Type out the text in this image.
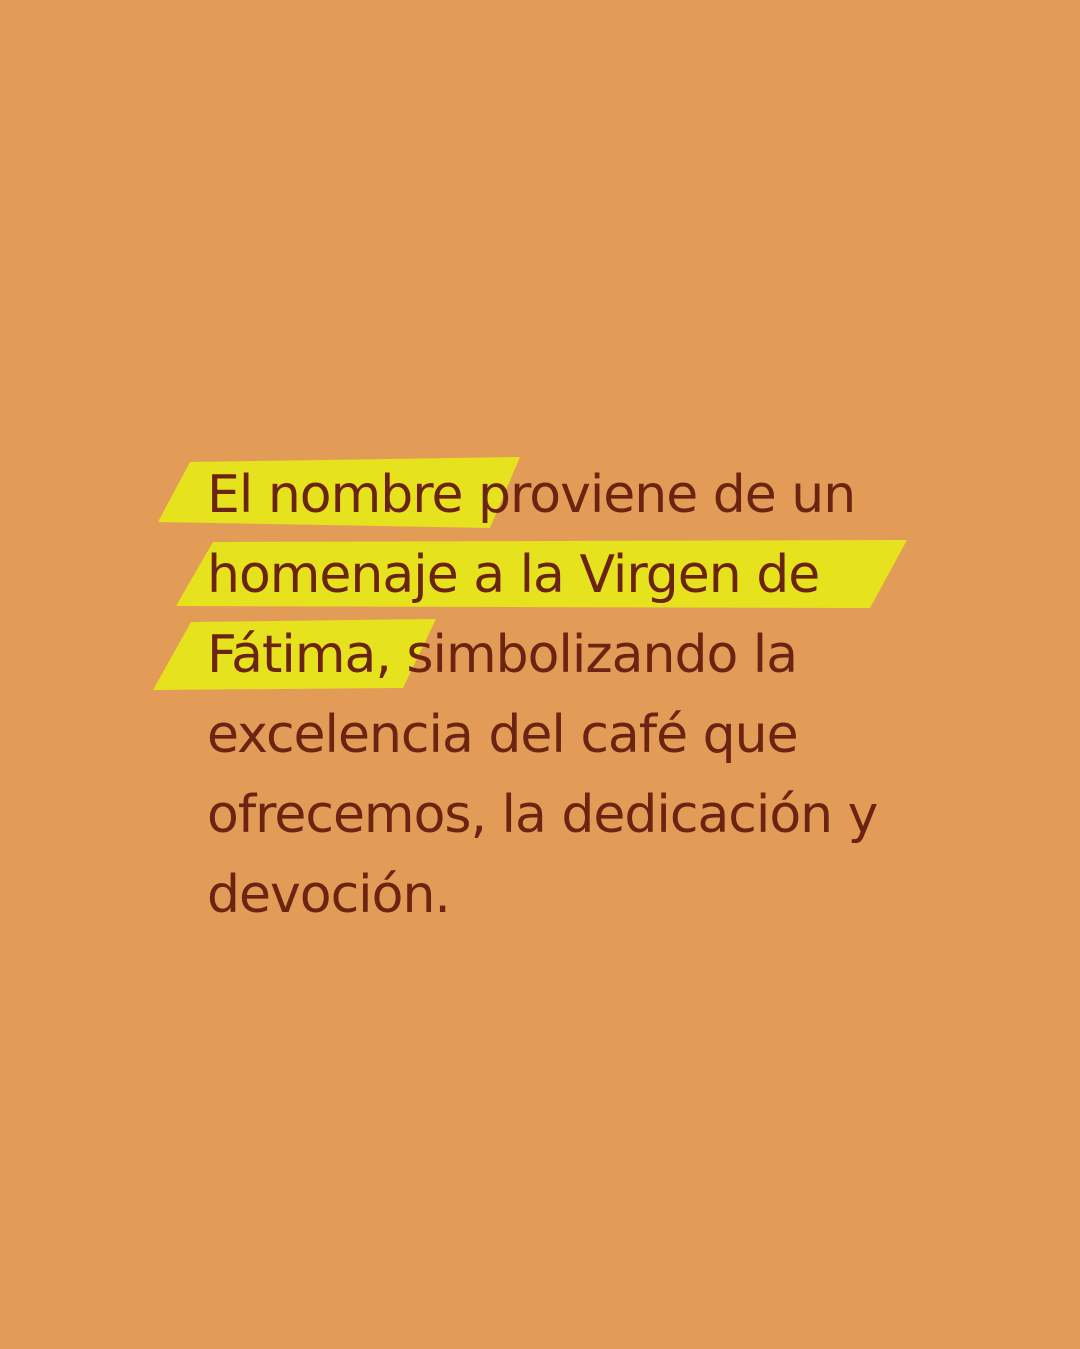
El nombre proviene de un
homenaje a la Virgen de
Fátima, simbolizando la
excelencia del café que
ofrecemos, la dedicación y
devoción.
